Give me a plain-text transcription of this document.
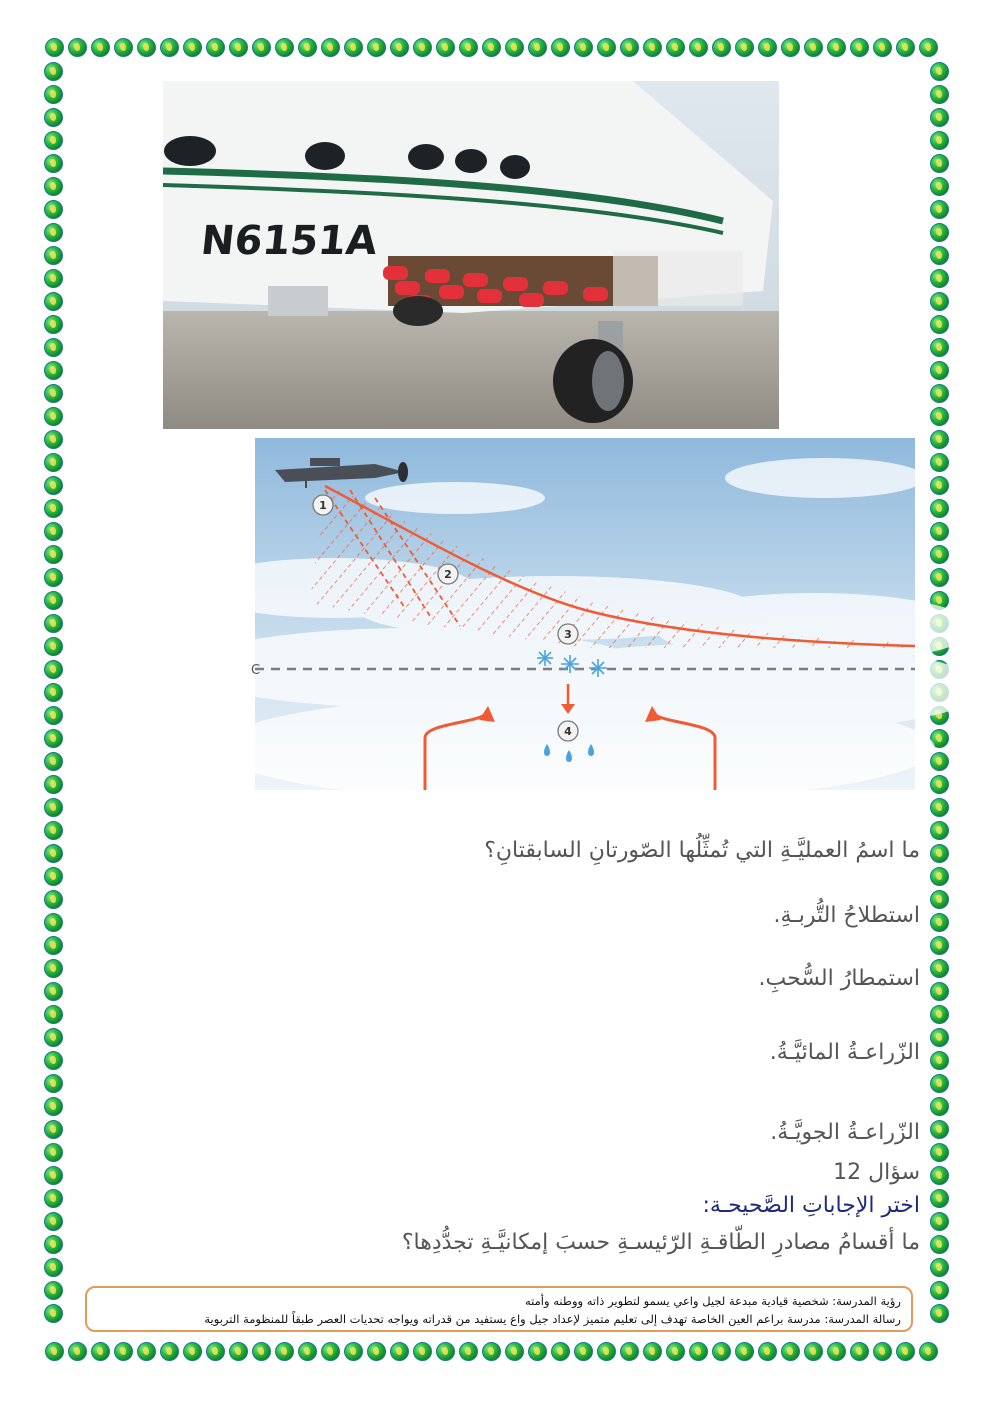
N6151A
C
1
2
3
4
ما اسمُ العمليَّـةِ التي تُمثِّلُها الصّورتانِ السابقتانِ؟
استطلاحُ التُّربـةِ.
استمطارُ السُّحبِ.
الزّراعـةُ المائيَّـةُ.
الزّراعـةُ الجويَّـةُ.
سؤال 12
اختر الإجاباتِ الصَّحيحـة:
ما أقسامُ مصادرِ الطّاقـةِ الرّئيسـةِ حسبَ إمكانيَّـةِ تجدُّدِها؟
رؤية المدرسة: شخصية قيادية مبدعة لجيل واعي يسمو لتطوير ذاته ووطنه وأمته
رسالة المدرسة: مدرسة براعم العين الخاصة تهدف إلى تعليم متميز لإعداد جيل واع يستفيد من قدراته ويواجه تحديات العصر طبقاً للمنظومة التربوية
